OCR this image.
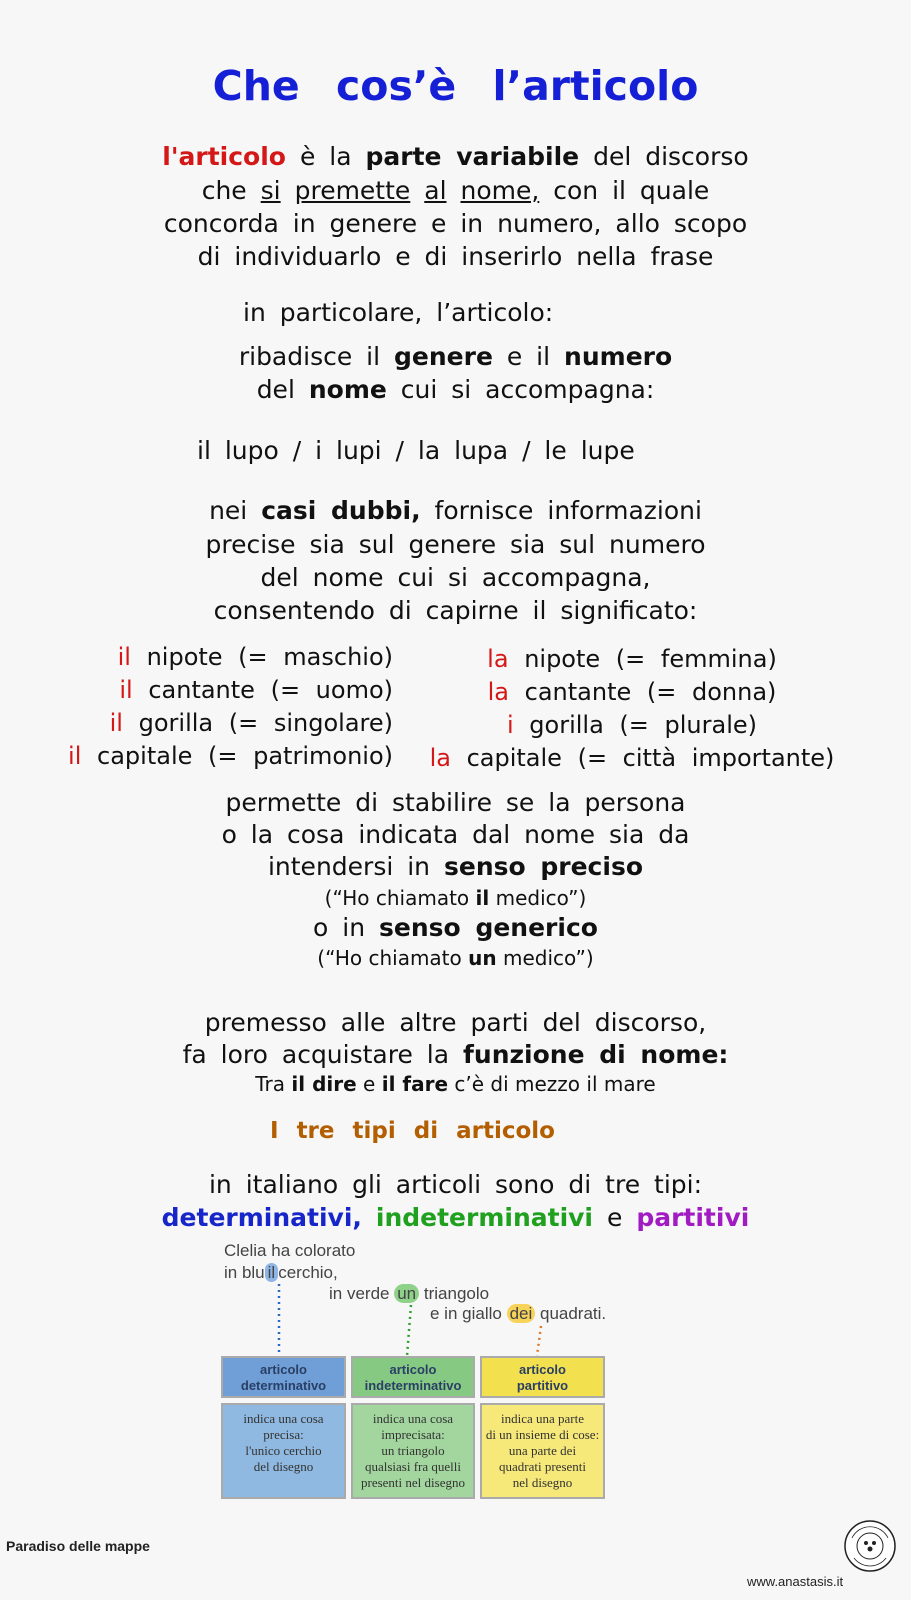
Che cos’è l’articolo
l'articolo è la parte variabile del discorso
che si premette al nome, con il quale
concorda in genere e in numero, allo scopo
di individuarlo e di inserirlo nella frase
in particolare, l’articolo:
ribadisce il genere e il numero
del nome cui si accompagna:
il lupo / i lupi / la lupa / le lupe
nei casi dubbi, fornisce informazioni
precise sia sul genere sia sul numero
del nome cui si accompagna,
consentendo di capirne il significato:
il nipote (= maschio)
il cantante (= uomo)
il gorilla (= singolare)
il capitale (= patrimonio)
la nipote (= femmina)
la cantante (= donna)
i gorilla (= plurale)
la capitale (= città importante)
permette di stabilire se la persona
o la cosa indicata dal nome sia da
intendersi in senso preciso
(“Ho chiamato il medico”)
o in senso generico
(“Ho chiamato un medico”)
premesso alle altre parti del discorso,
fa loro acquistare la funzione di nome:
Tra il dire e il fare c’è di mezzo il mare
I tre tipi di articolo
in italiano gli articoli sono di tre tipi:
determinativi, indeterminativi e partitivi
Clelia ha colorato
in blu il cerchio,
in verde un triangolo
e in giallo dei quadrati.
articolo
determinativo
articolo
indeterminativo
articolo
partitivo
indica una cosa
precisa:
l'unico cerchio
del disegno
indica una cosa
imprecisata:
un triangolo
qualsiasi fra quelli
presenti nel disegno
indica una parte
di un insieme di cose:
una parte dei
quadrati presenti
nel disegno
Paradiso delle mappe
www.anastasis.it
